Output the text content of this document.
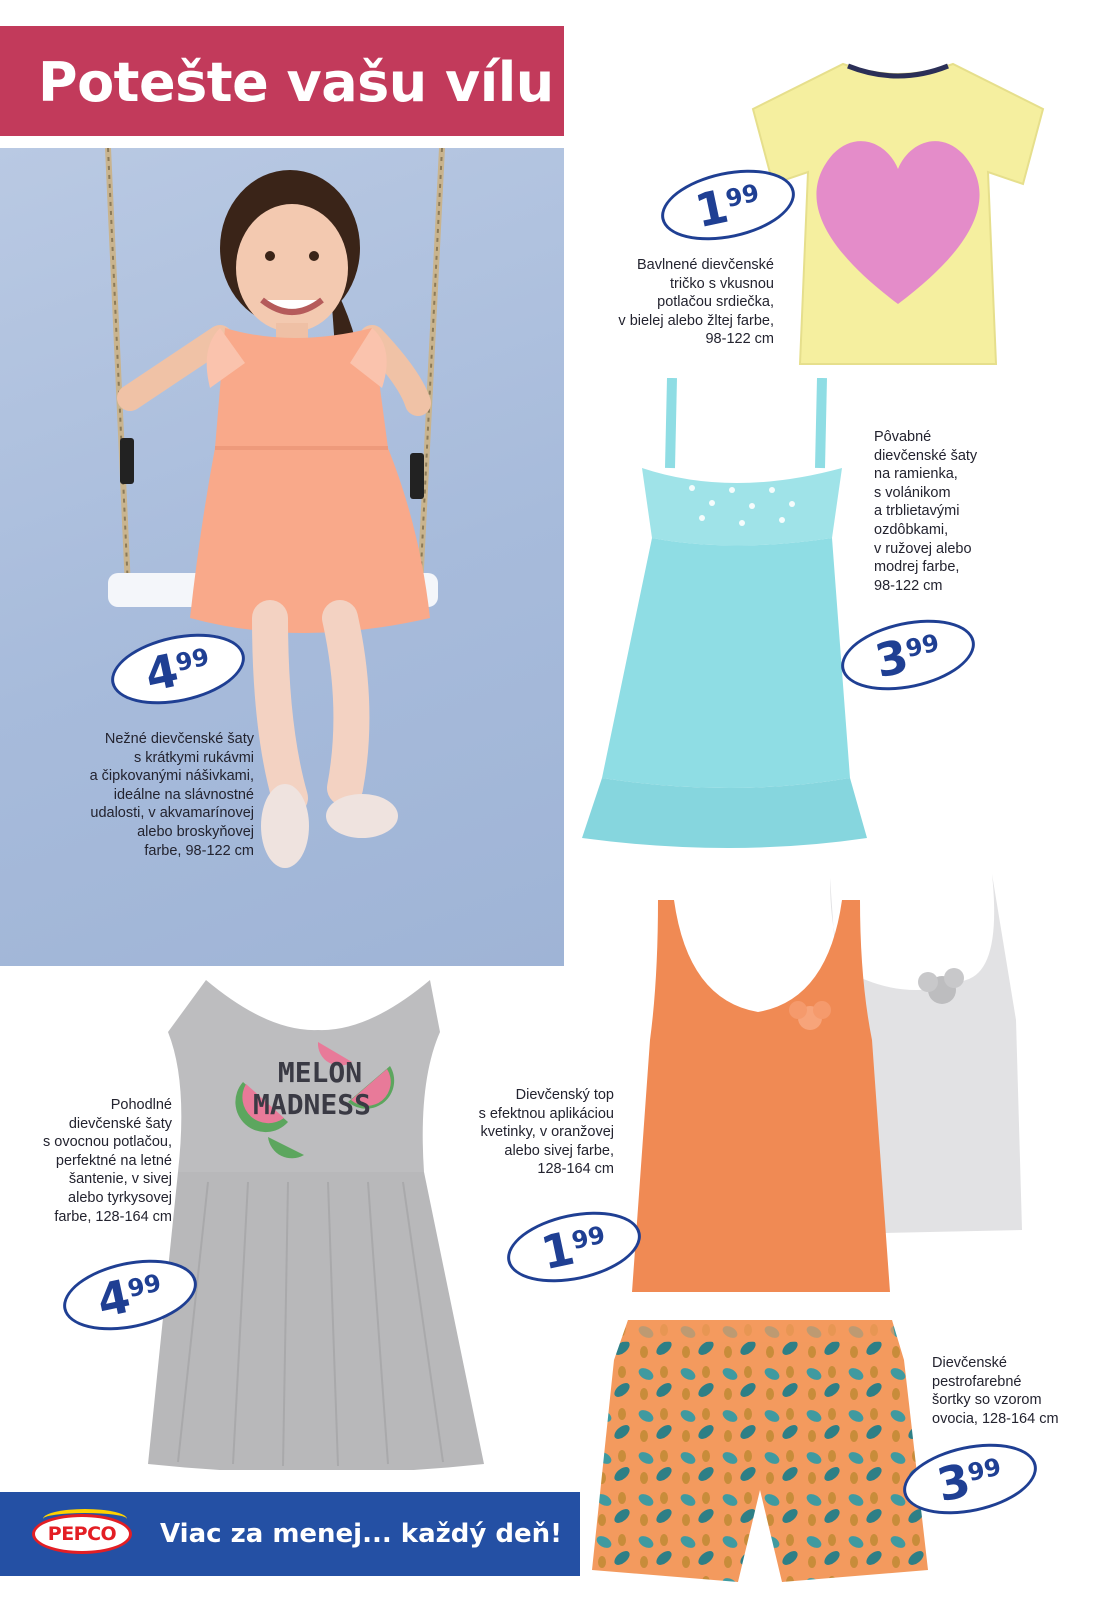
Potešte vašu vílu
Bavlnené dievčenské
tričko s vkusnou
potlačou srdiečka,
v bielej alebo žltej farbe,
98-122 cm
1
99
Pôvabné
dievčenské šaty
na ramienka,
s volánikom
a trblietavými
ozdôbkami,
v ružovej alebo
modrej farbe,
98-122 cm
3
99
4
99
Nežné dievčenské šaty
s krátkymi rukávmi
a čipkovanými nášivkami,
ideálne na slávnostné
udalosti, v akvamarínovej
alebo broskyňovej
farbe, 98-122 cm
MELON
MADNESS
Pohodlné
dievčenské šaty
s ovocnou potlačou,
perfektné na letné
šantenie, v sivej
alebo tyrkysovej
farbe, 128-164 cm
4
99
Dievčenský top
s efektnou aplikáciou
kvetinky, v oranžovej
alebo sivej farbe,
128-164 cm
1
99
Dievčenské
pestrofarebné
šortky so vzorom
ovocia, 128-164 cm
3
99
PEPCO Viac za menej... každý deň!
